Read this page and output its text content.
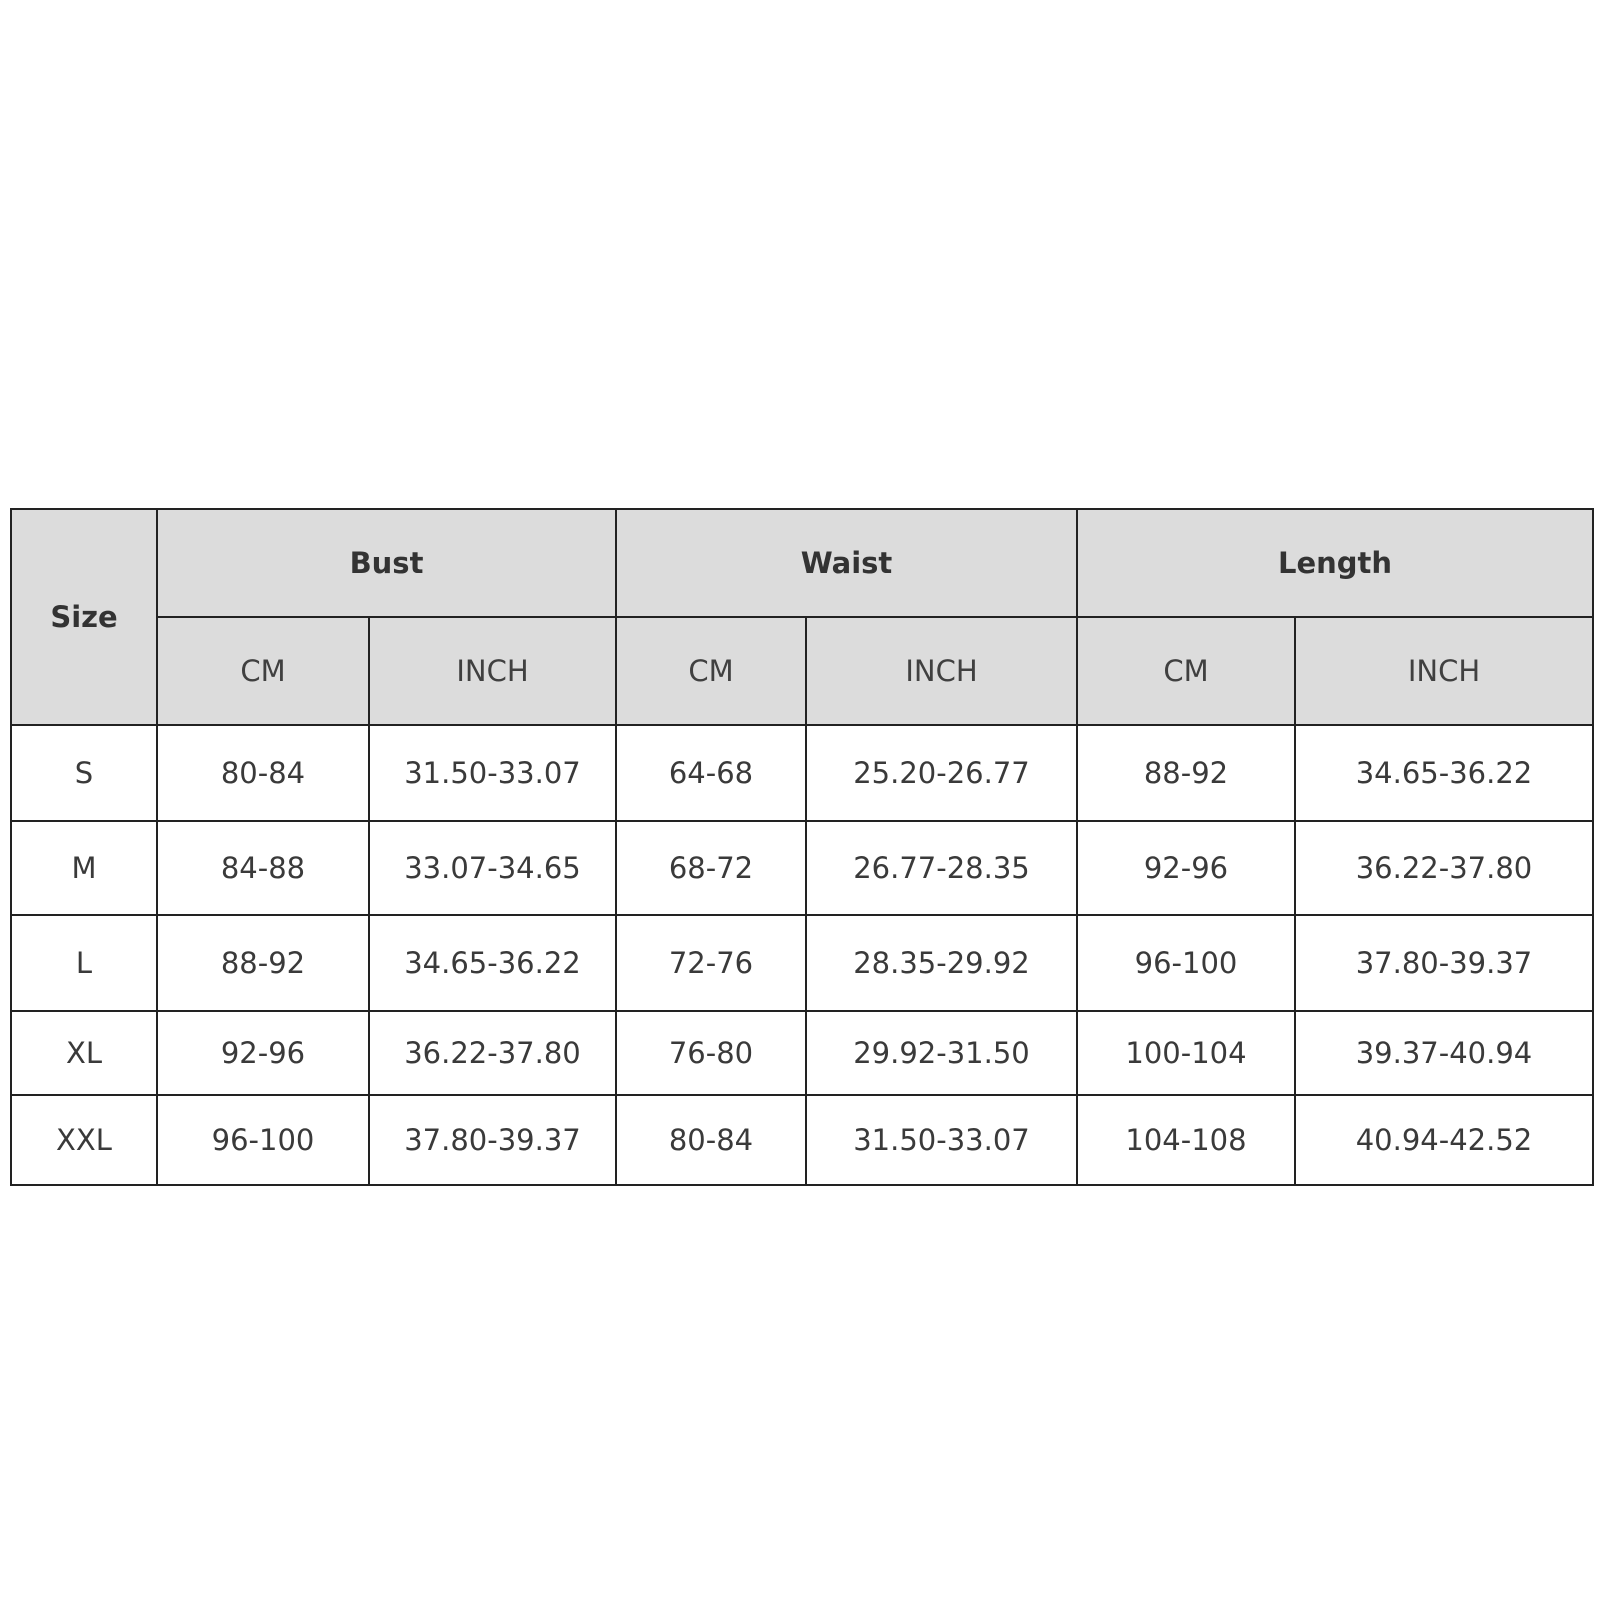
Size	Bust		Waist		Length	
	CM	INCH	CM	INCH	CM	INCH
S	80-84	31.50-33.07	64-68	25.20-26.77	88-92	34.65-36.22
M	84-88	33.07-34.65	68-72	26.77-28.35	92-96	36.22-37.80
L	88-92	34.65-36.22	72-76	28.35-29.92	96-100	37.80-39.37
XL	92-96	36.22-37.80	76-80	29.92-31.50	100-104	39.37-40.94
XXL	96-100	37.80-39.37	80-84	31.50-33.07	104-108	40.94-42.52
